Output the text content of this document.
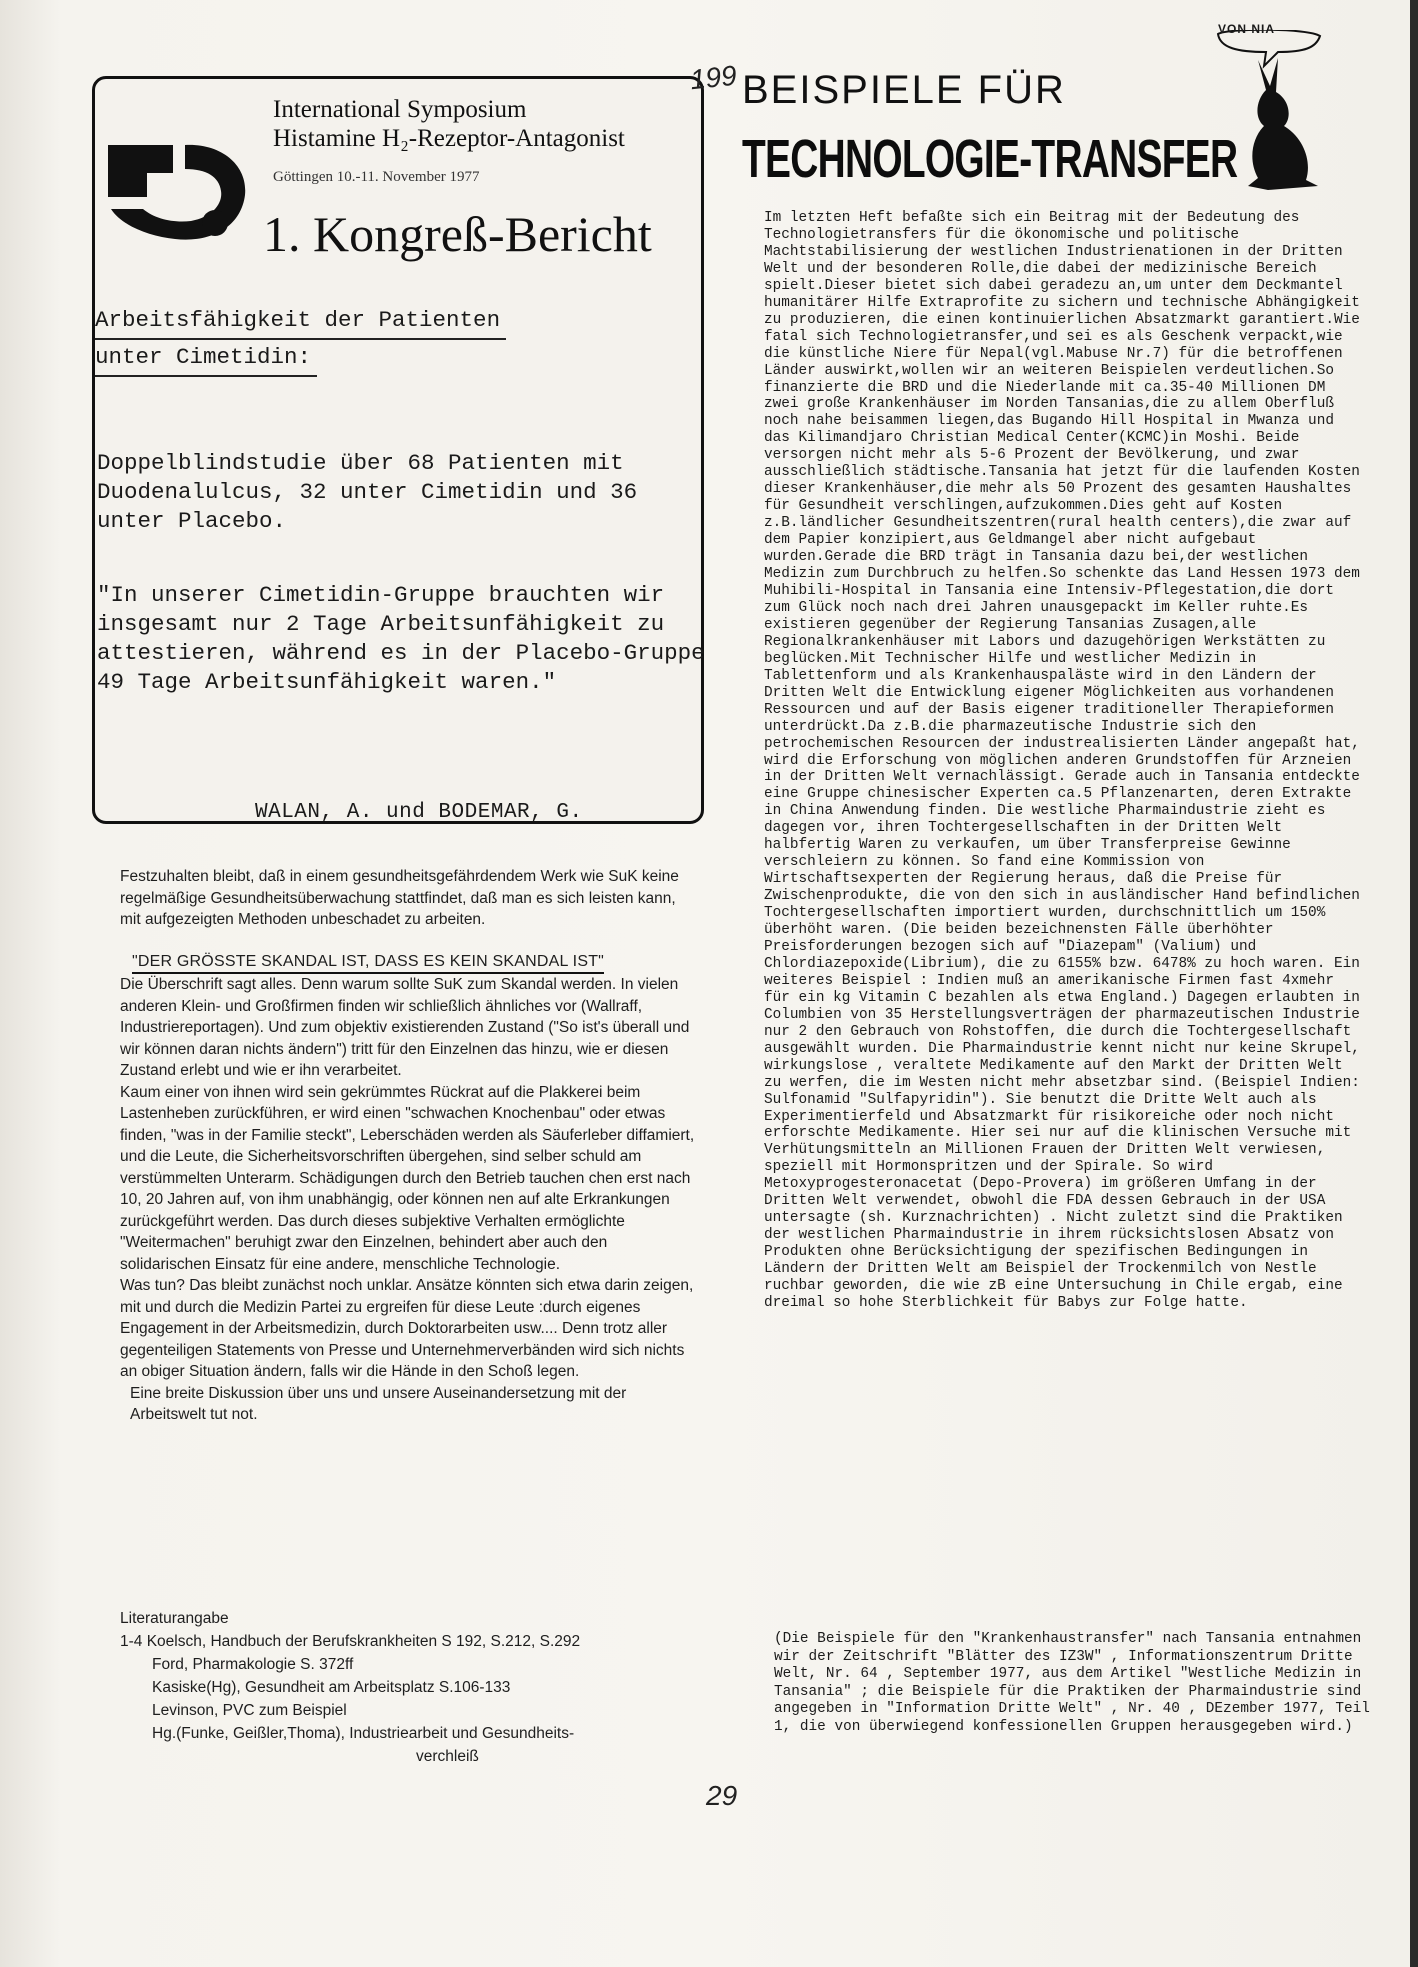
International Symposium
Histamine H₂-Rezeptor-Antagonist
Göttingen 10.-11. November 1977
1. Kongreß-Bericht
Arbeitsfähigkeit der Patienten
unter Cimetidin:
Doppelblindstudie über 68 Patienten mit Duodenalulcus, 32 unter Cimetidin und 36 unter Placebo.
"In unserer Cimetidin-Gruppe brauchten wir insgesamt nur 2 Tage Arbeitsunfähigkeit zu attestieren, während es in der Placebo-Gruppe 49 Tage Arbeitsunfähigkeit waren."
WALAN, A. und BODEMAR, G.

Festzuhalten bleibt, daß in einem gesundheitsgefährdendem Werk wie SuK keine regelmäßige Gesundheitsüberwachung stattfindet, daß man es sich leisten kann, mit aufgezeigten Methoden unbeschadet zu arbeiten.

"DER GRÖSSTE SKANDAL IST, DASS ES KEIN SKANDAL IST"

Die Überschrift sagt alles. Denn warum sollte SuK zum Skandal werden. In vielen anderen Klein- und Großfirmen finden wir schließlich ähnliches vor (Wallraff, Industriereportagen). Und zum objektiv existierenden Zustand ("So ist's überall und wir können daran nichts ändern") tritt für den Einzelnen das hinzu, wie er diesen Zustand erlebt und wie er ihn verarbeitet.

Kaum einer von ihnen wird sein gekrümmtes Rückrat auf die Plakkerei beim Lastenheben zurückführen, er wird einen "schwachen Knochenbau" oder etwas finden, "was in der Familie steckt", Leberschäden werden als Säuferleber diffamiert, und die Leute, die Sicherheitsvorschriften übergehen, sind selber schuld am verstümmelten Unterarm. Schädigungen durch den Betrieb tauchen chen erst nach 10, 20 Jahren auf, von ihm unabhängig, oder können nen auf alte Erkrankungen zurückgeführt werden. Das durch dieses subjektive Verhalten ermöglichte "Weitermachen" beruhigt zwar den Einzelnen, behindert aber auch den solidarischen Einsatz für eine andere, menschliche Technologie.

Was tun? Das bleibt zunächst noch unklar. Ansätze könnten sich etwa darin zeigen, mit und durch die Medizin Partei zu ergreifen für diese Leute :durch eigenes Engagement in der Arbeitsmedizin, durch Doktorarbeiten usw.... Denn trotz aller gegenteiligen Statements von Presse und Unternehmerverbänden wird sich nichts an obiger Situation ändern, falls wir die Hände in den Schoß legen.

Eine breite Diskussion über uns und unsere Auseinandersetzung mit der Arbeitswelt tut not.

Literaturangabe
1-4 Koelsch, Handbuch der Berufskrankheiten S 192, S.212, S.292
Ford, Pharmakologie S. 372ff
Kasiske(Hg), Gesundheit am Arbeitsplatz S.106-133
Levinson, PVC zum Beispiel
Hg.(Funke, Geißler,Thoma), Industriearbeit und Gesundheits-
verchleiß
199 BEISPIELE FÜR
TECHNOLOGIE-TRANSFER
VON NIA

Im letzten Heft befaßte sich ein Beitrag mit der Bedeutung des Technologietransfers für die ökonomische und politische Machtstabilisierung der westlichen Industrienationen in der Dritten Welt und der besonderen Rolle,die dabei der medizinische Bereich spielt.Dieser bietet sich dabei geradezu an,um unter dem Deckmantel humanitärer Hilfe Extraprofite zu sichern und technische Abhängigkeit zu produzieren, die einen kontinuierlichen Absatzmarkt garantiert.Wie fatal sich Technologietransfer,und sei es als Geschenk verpackt,wie die künstliche Niere für Nepal(vgl.Mabuse Nr.7) für die betroffenen Länder auswirkt,wollen wir an weiteren Beispielen verdeutlichen.So finanzierte die BRD und die Niederlande mit ca.35-40 Millionen DM zwei große Krankenhäuser im Norden Tansanias,die zu allem Oberfluß noch nahe beisammen liegen,das Bugando Hill Hospital in Mwanza und das Kilimandjaro Christian Medical Center(KCMC)in Moshi. Beide versorgen nicht mehr als 5-6 Prozent der Bevölkerung, und zwar ausschließlich städtische.Tansania hat jetzt für die laufenden Kosten dieser Krankenhäuser,die mehr als 50 Prozent des gesamten Haushaltes für Gesundheit verschlingen,aufzukommen.Dies geht auf Kosten z.B.ländlicher Gesundheitszentren(rural health centers),die zwar auf dem Papier konzipiert,aus Geldmangel aber nicht aufgebaut wurden.Gerade die BRD trägt in Tansania dazu bei,der westlichen Medizin zum Durchbruch zu helfen.So schenkte das Land Hessen 1973 dem Muhibili-Hospital in Tansania eine Intensiv-Pflegestation,die dort zum Glück noch nach drei Jahren unausgepackt im Keller ruhte.Es existieren gegenüber der Regierung Tansanias Zusagen,alle Regionalkrankenhäuser mit Labors und dazugehörigen Werkstätten zu beglücken.Mit Technischer Hilfe und westlicher Medizin in Tablettenform und als Krankenhauspaläste wird in den Ländern der Dritten Welt die Entwicklung eigener Möglichkeiten aus vorhandenen Ressourcen und auf der Basis eigener traditioneller Therapieformen unterdrückt.Da z.B.die pharmazeutische Industrie sich den petrochemischen Resourcen der industrealisierten Länder angepaßt hat, wird die Erforschung von möglichen anderen Grundstoffen für Arzneien in der Dritten Welt vernachlässigt. Gerade auch in Tansania entdeckte eine Gruppe chinesischer Experten ca.5 Pflanzenarten, deren Extrakte in China Anwendung finden. Die westliche Pharmaindustrie zieht es dagegen vor, ihren Tochtergesellschaften in der Dritten Welt halbfertig Waren zu verkaufen, um über Transferpreise Gewinne verschleiern zu können. So fand eine Kommission von Wirtschaftsexperten der Regierung heraus, daß die Preise für Zwischenprodukte, die von den sich in ausländischer Hand befindlichen Tochtergesellschaften importiert wurden, durchschnittlich um 150% überhöht waren. (Die beiden bezeichnensten Fälle überhöhter Preisforderungen bezogen sich auf "Diazepam" (Valium) und Chlordiazepoxide(Librium), die zu 6155% bzw. 6478% zu hoch waren. Ein weiteres Beispiel : Indien muß an amerikanische Firmen fast 4xmehr für ein kg Vitamin C bezahlen als etwa England.) Dagegen erlaubten in Columbien von 35 Herstellungsverträgen der pharmazeutischen Industrie nur 2 den Gebrauch von Rohstoffen, die durch die Tochtergesellschaft ausgewählt wurden. Die Pharmaindustrie kennt nicht nur keine Skrupel, wirkungslose , veraltete Medikamente auf den Markt der Dritten Welt zu werfen, die im Westen nicht mehr absetzbar sind. (Beispiel Indien: Sulfonamid "Sulfapyridin"). Sie benutzt die Dritte Welt auch als Experimentierfeld und Absatzmarkt für risikoreiche oder noch nicht erforschte Medikamente. Hier sei nur auf die klinischen Versuche mit Verhütungsmitteln an Millionen Frauen der Dritten Welt verwiesen, speziell mit Hormonspritzen und der Spirale. So wird Metoxyprogesteronacetat (Depo-Provera) im größeren Umfang in der Dritten Welt verwendet, obwohl die FDA dessen Gebrauch in der USA untersagte (sh. Kurznachrichten) . Nicht zuletzt sind die Praktiken der westlichen Pharmaindustrie in ihrem rücksichtslosen Absatz von Produkten ohne Berücksichtigung der spezifischen Bedingungen in Ländern der Dritten Welt am Beispiel der Trockenmilch von Nestle ruchbar geworden, die wie zB eine Untersuchung in Chile ergab, eine dreimal so hohe Sterblichkeit für Babys zur Folge hatte.

(Die Beispiele für den "Krankenhaustransfer" nach Tansania entnahmen wir der Zeitschrift "Blätter des IZ3W" , Informationszentrum Dritte Welt, Nr. 64 , September 1977, aus dem Artikel "Westliche Medizin in Tansania" ; die Beispiele für die Praktiken der Pharmaindustrie sind angegeben in "Information Dritte Welt" , Nr. 40 , DEzember 1977, Teil 1, die von überwiegend konfessionellen Gruppen herausgegeben wird.)
29
